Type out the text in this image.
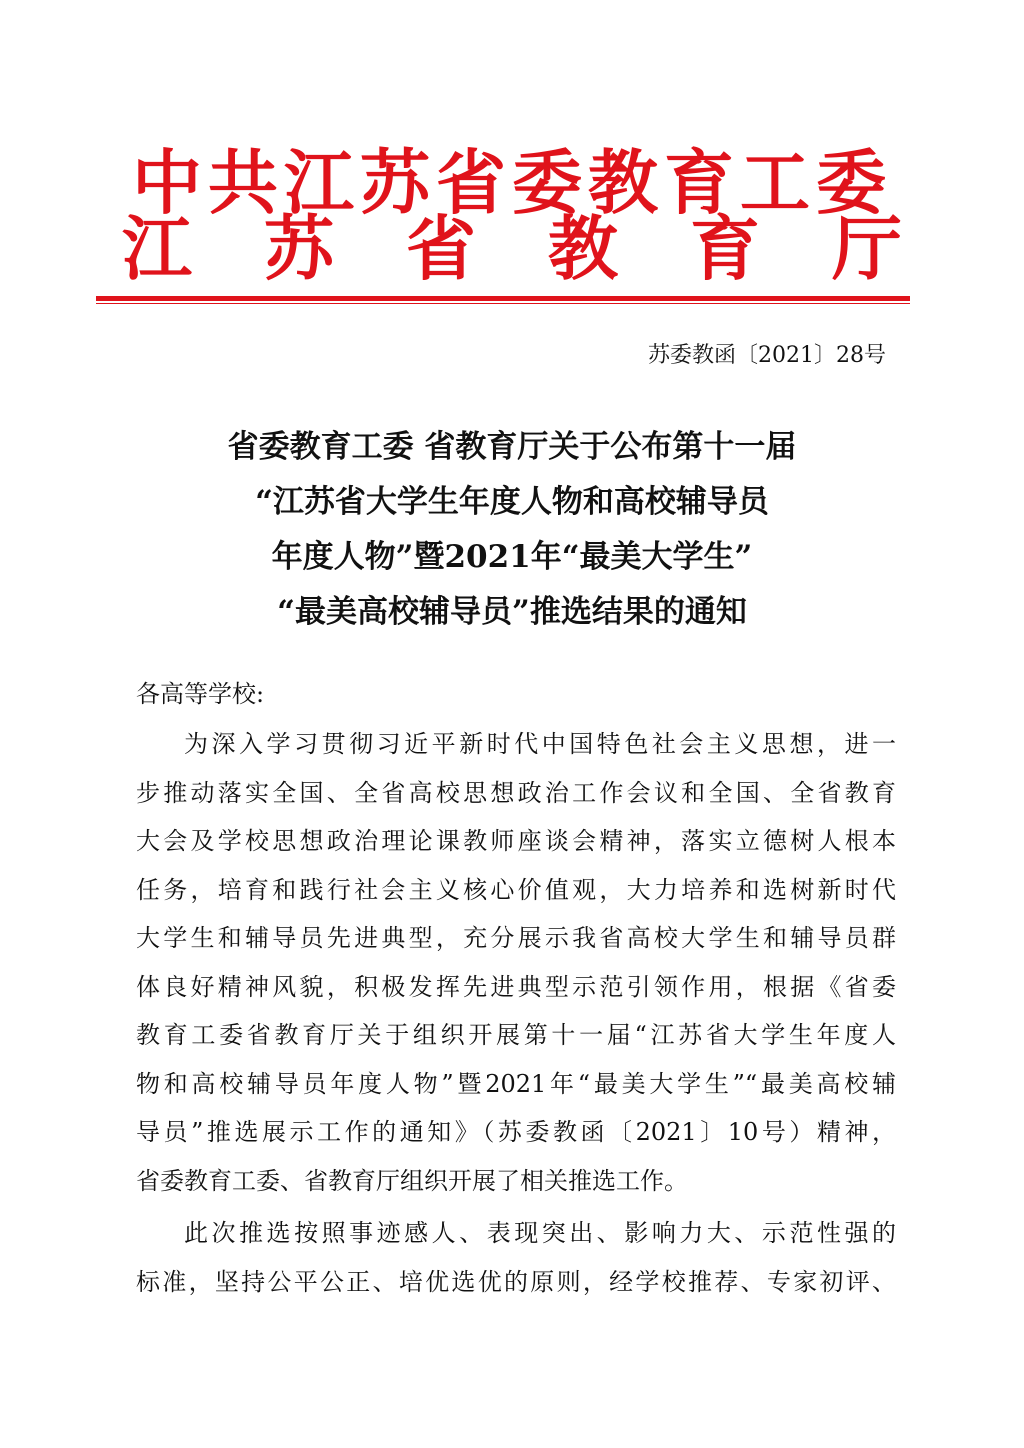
中共江苏省委教育工委
江苏省教育厅
苏委教函〔2021〕28号
省委教育工委 省教育厅关于公布第十一届
“江苏省大学生年度人物和高校辅导员
年度人物”暨2021年“最美大学生”
“最美高校辅导员”推选结果的通知
各高等学校:
为深入学习贯彻习近平新时代中国特色社会主义思想，进一
步推动落实全国、全省高校思想政治工作会议和全国、全省教育
大会及学校思想政治理论课教师座谈会精神，落实立德树人根本
任务，培育和践行社会主义核心价值观，大力培养和选树新时代
大学生和辅导员先进典型，充分展示我省高校大学生和辅导员群
体良好精神风貌，积极发挥先进典型示范引领作用，根据《省委
教育工委省教育厅关于组织开展第十一届“江苏省大学生年度人
物和高校辅导员年度人物”暨2021年“最美大学生”“最美高校辅
导员”推选展示工作的通知》（苏委教函〔2021〕10号）精神，
省委教育工委、省教育厅组织开展了相关推选工作。
此次推选按照事迹感人、表现突出、影响力大、示范性强的
标准，坚持公平公正、培优选优的原则，经学校推荐、专家初评、
